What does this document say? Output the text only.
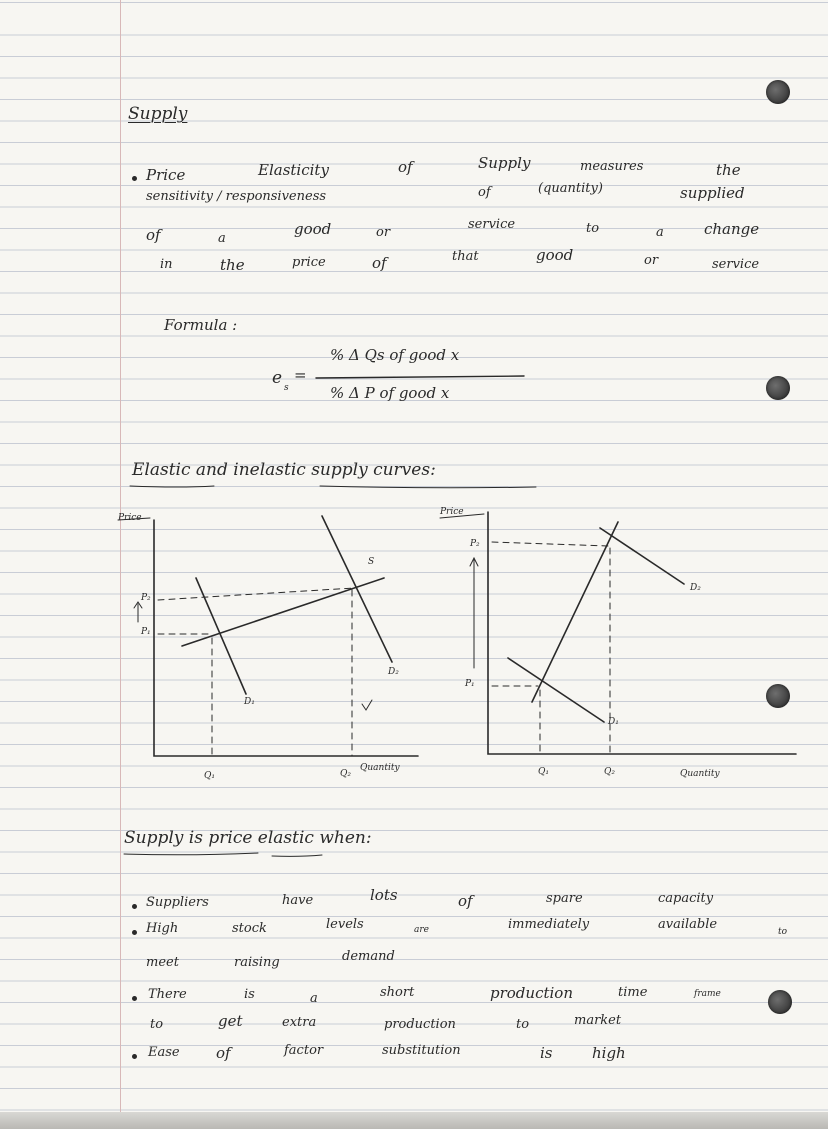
Supply
Price	Elasticity	of	Supply	measures	the
sensitivity / responsiveness	of	(quantity)	supplied
of	a
good	or
service	to	a	change
in	the	price	of	that	good	or	service
Formula :
e s
=
% Δ Qs of good x
% Δ P of good x
Elastic and inelastic supply curves:
Price
P₂
P₁
S
D₁
D₂
Q₁	Q₂
Quantity
Price
P₂
P₁
D₁
D₂
Q₁	Q₂	Quantity
Supply is price elastic when:
Suppliers	have	lots	of	spare	capacity
High	stock	levels	are	immediately	available	to
meet	raising	demand
There	is	a	short	production	time	frame
to	get	extra	production	to	market
Ease of	factor	substitution	is	high
